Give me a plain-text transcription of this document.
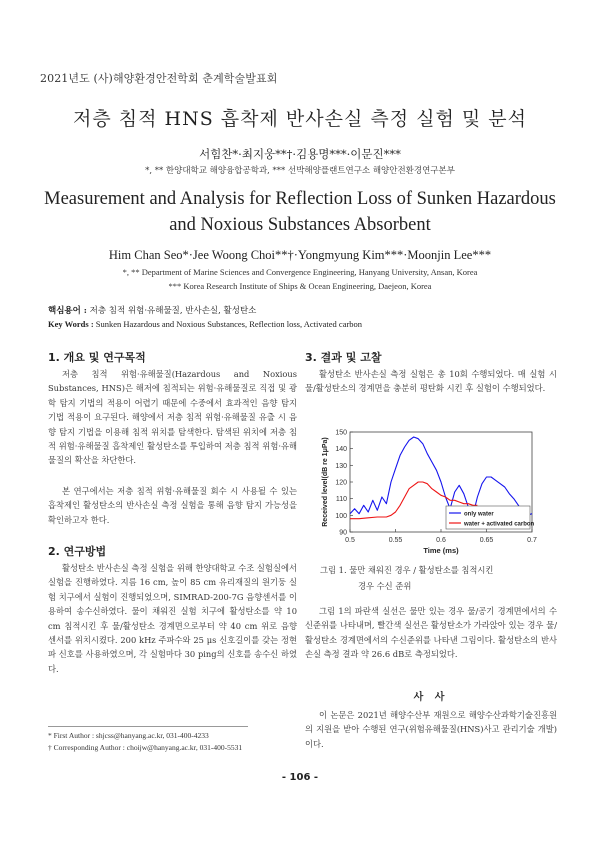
2021년도 (사)해양환경안전학회 춘계학술발표회
저층 침적 HNS 흡착제 반사손실 측정 실험 및 분석
서힘찬*·최지웅**†·김용명***·이문진***
*, ** 한양대학교 해양융합공학과, *** 선박해양플랜트연구소 해양안전환경연구본부
Measurement and Analysis for Reflection Loss of Sunken Hazardous and Noxious Substances Absorbent
Him Chan Seo*·Jee Woong Choi**†·Yongmyung Kim***·Moonjin Lee***
*, ** Department of Marine Sciences and Convergence Engineering, Hanyang University, Ansan, Korea
*** Korea Research Institute of Ships & Ocean Engineering, Daejeon, Korea
핵심용어 : 저층 침적 위험·유해물질, 반사손실, 활성탄소
Key Words : Sunken Hazardous and Noxious Substances, Reflection loss, Activated carbon
1. 개요 및 연구목적
저층 침적 위험·유해물질(Hazardous and Noxious Substances, HNS)은 해저에 침적되는 위험·유해물질로 직접 및 광학 탐지 기법의 적용이 어렵기 때문에 수중에서 효과적인 음향 탐지 기법 적용이 요구된다. 해양에서 저층 침적 위험·유해물질 유출 시 음향 탐지 기법을 이용해 침적 위치를 탐색한다. 탐색된 위치에 저층 침적 위험·유해물질 흡착제인 활성탄소를 투입하여 저층 침적 위험·유해물질의 확산을 차단한다.
본 연구에서는 저층 침적 위험·유해물질 회수 시 사용될 수 있는 흡착제인 활성탄소의 반사손실 측정 실험을 통해 음향 탐지 가능성을 확인하고자 한다.
2. 연구방법
활성탄소 반사손실 측정 실험을 위해 한양대학교 수조 실험실에서 실험을 진행하였다. 지름 16 cm, 높이 85 cm 유리재질의 원기둥 실험 치구에서 실험이 진행되었으며, SIMRAD-200-7G 음향센서를 이용하여 송수신하였다. 물이 채워진 실험 치구에 활성탄소를 약 10 cm 침적시킨 후 물/활성탄소 경계면으로부터 약 40 cm 위로 음향 센서를 위치시켰다. 200 kHz 주파수와 25 μs 신호길이를 갖는 정현파 신호를 사용하였으며, 각 실험마다 30 ping의 신호를 송수신 하였다.
* First Author : shjcss@hanyang.ac.kr, 031-400-4233
† Corresponding Author : choijw@hanyang.ac.kr, 031-400-5531
3. 결과 및 고찰
활성탄소 반사손실 측정 실험은 총 10회 수행되었다. 매 실험 시 물/활성탄소의 경계면을 충분히 평탄화 시킨 후 실험이 수행되었다.
90
100
110
120
130
140
150
0.5	0.55	0.6	0.65	0.7
Time (ms)
Received level(dB re 1μPa)	only water
water + activated carbon
그림 1. 물만 채워진 경우 / 활성탄소를 침적시킨
경우 수신 준위
그림 1의 파란색 실선은 물만 있는 경우 물/공기 경계면에서의 수신준위를 나타내며, 빨간색 실선은 활성탄소가 가라앉아 있는 경우 물/활성탄소 경계면에서의 수신준위를 나타낸 그림이다. 활성탄소의 반사손실 측정 결과 약 26.6 dB로 측정되었다.
사 사
이 논문은 2021년 해양수산부 재원으로 해양수산과학기술진흥원의 지원을 받아 수행된 연구(위험유해물질(HNS)사고 관리기술 개발)이다.
- 106 -
